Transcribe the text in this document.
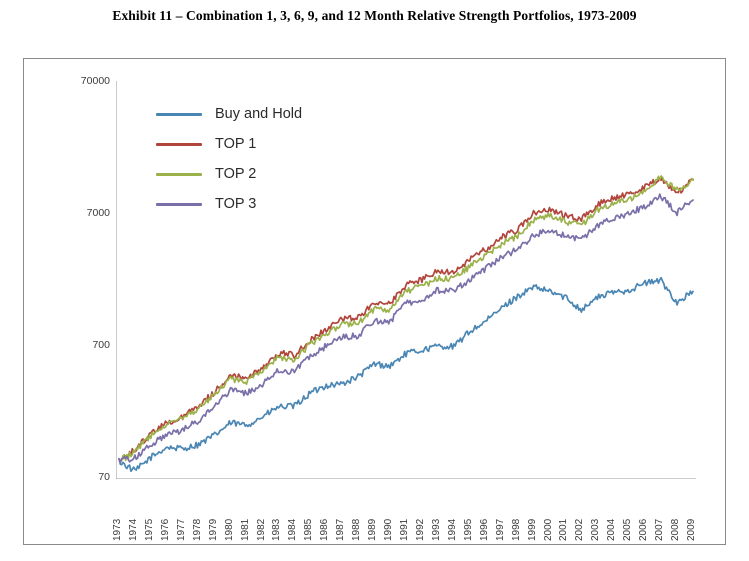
Exhibit 11 – Combination 1, 3, 6, 9, and 12 Month Relative Strength Portfolios, 1973-2009
70000
7000
700
70
1973 1974 1975 1976 1977 1978 1979 1980 1981 1982 1983 1984 1985 1986 1987 1988 1989 1990 1991 1992 1993 1994 1995 1996 1997 1998 1999 2000 2001 2002 2003 2004 2005 2006 2007 2008 2009
Buy and Hold
TOP 1
TOP 2
TOP 3
